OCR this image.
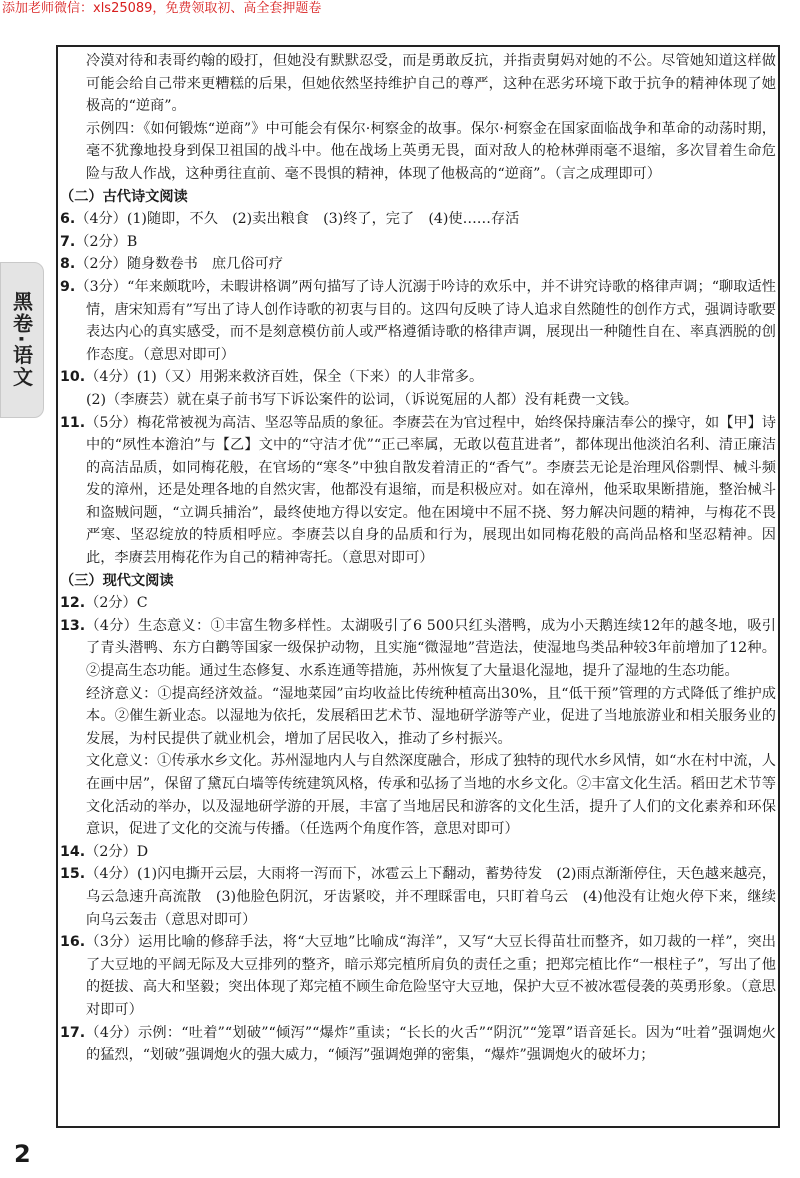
添加老师微信：xls25089，免费领取初、高全套押题卷
黑卷·语文

冷漠对待和表哥约翰的殴打，但她没有默默忍受，而是勇敢反抗，并指责舅妈对她的不公。尽管她知道这样做可能会给自己带来更糟糕的后果，但她依然坚持维护自己的尊严，这种在恶劣环境下敢于抗争的精神体现了她极高的“逆商”。

示例四：《如何锻炼“逆商”》中可能会有保尔·柯察金的故事。保尔·柯察金在国家面临战争和革命的动荡时期，毫不犹豫地投身到保卫祖国的战斗中。他在战场上英勇无畏，面对敌人的枪林弹雨毫不退缩，多次冒着生命危险与敌人作战，这种勇往直前、毫不畏惧的精神，体现了他极高的“逆商”。（言之成理即可）

（二）古代诗文阅读

6.（4分）(1)随即，不久　(2)卖出粮食　(3)终了，完了　(4)使……存活

7.（2分）B

8.（2分）随身数卷书　庶几俗可疗

9.（3分）“年来颇耽吟，未暇讲格调”两句描写了诗人沉溺于吟诗的欢乐中，并不讲究诗歌的格律声调；“聊取适性情，唐宋知焉有”写出了诗人创作诗歌的初衷与目的。这四句反映了诗人追求自然随性的创作方式，强调诗歌要表达内心的真实感受，而不是刻意模仿前人或严格遵循诗歌的格律声调，展现出一种随性自在、率真洒脱的创作态度。（意思对即可）

10.（4分）(1)（又）用粥来救济百姓，保全（下来）的人非常多。

(2)（李赓芸）就在桌子前书写下诉讼案件的讼词，（诉说冤屈的人都）没有耗费一文钱。

11.（5分）梅花常被视为高洁、坚忍等品质的象征。李赓芸在为官过程中，始终保持廉洁奉公的操守，如【甲】诗中的“夙性本澹泊”与【乙】文中的“守洁才优”“正己率属，无敢以苞苴进者”，都体现出他淡泊名利、清正廉洁的高洁品质，如同梅花般，在官场的“寒冬”中独自散发着清正的“香气”。李赓芸无论是治理风俗剽悍、械斗频发的漳州，还是处理各地的自然灾害，他都没有退缩，而是积极应对。如在漳州，他采取果断措施，整治械斗和盗贼问题，“立调兵捕治”，最终使地方得以安定。他在困境中不屈不挠、努力解决问题的精神，与梅花不畏严寒、坚忍绽放的特质相呼应。李赓芸以自身的品质和行为，展现出如同梅花般的高尚品格和坚忍精神。因此，李赓芸用梅花作为自己的精神寄托。（意思对即可）

（三）现代文阅读

12.（2分）C

13.（4分）生态意义：①丰富生物多样性。太湖吸引了6 500只红头潜鸭，成为小天鹅连续12年的越冬地，吸引了青头潜鸭、东方白鹳等国家一级保护动物，且实施“微湿地”营造法，使湿地鸟类品种较3年前增加了12种。②提高生态功能。通过生态修复、水系连通等措施，苏州恢复了大量退化湿地，提升了湿地的生态功能。

经济意义：①提高经济效益。“湿地菜园”亩均收益比传统种植高出30%，且“低干预”管理的方式降低了维护成本。②催生新业态。以湿地为依托，发展稻田艺术节、湿地研学游等产业，促进了当地旅游业和相关服务业的发展，为村民提供了就业机会，增加了居民收入，推动了乡村振兴。

文化意义：①传承水乡文化。苏州湿地内人与自然深度融合，形成了独特的现代水乡风情，如“水在村中流，人在画中居”，保留了黛瓦白墙等传统建筑风格，传承和弘扬了当地的水乡文化。②丰富文化生活。稻田艺术节等文化活动的举办，以及湿地研学游的开展，丰富了当地居民和游客的文化生活，提升了人们的文化素养和环保意识，促进了文化的交流与传播。（任选两个角度作答，意思对即可）

14.（2分）D

15.（4分）(1)闪电撕开云层，大雨将一泻而下，冰雹云上下翻动，蓄势待发　(2)雨点渐渐停住，天色越来越亮，乌云急速升高流散　(3)他脸色阴沉，牙齿紧咬，并不理睬雷电，只盯着乌云　(4)他没有让炮火停下来，继续向乌云轰击（意思对即可）

16.（3分）运用比喻的修辞手法，将“大豆地”比喻成“海洋”，又写“大豆长得苗壮而整齐，如刀裁的一样”，突出了大豆地的平阔无际及大豆排列的整齐，暗示郑完植所肩负的责任之重；把郑完植比作“一根柱子”，写出了他的挺拔、高大和坚毅；突出体现了郑完植不顾生命危险坚守大豆地，保护大豆不被冰雹侵袭的英勇形象。（意思对即可）

17.（4分）示例：“吐着”“划破”“倾泻”“爆炸”重读；“长长的火舌”“阴沉”“笼罩”语音延长。因为“吐着”强调炮火的猛烈，“划破”强调炮火的强大威力，“倾泻”强调炮弹的密集，“爆炸”强调炮火的破坏力；

2
